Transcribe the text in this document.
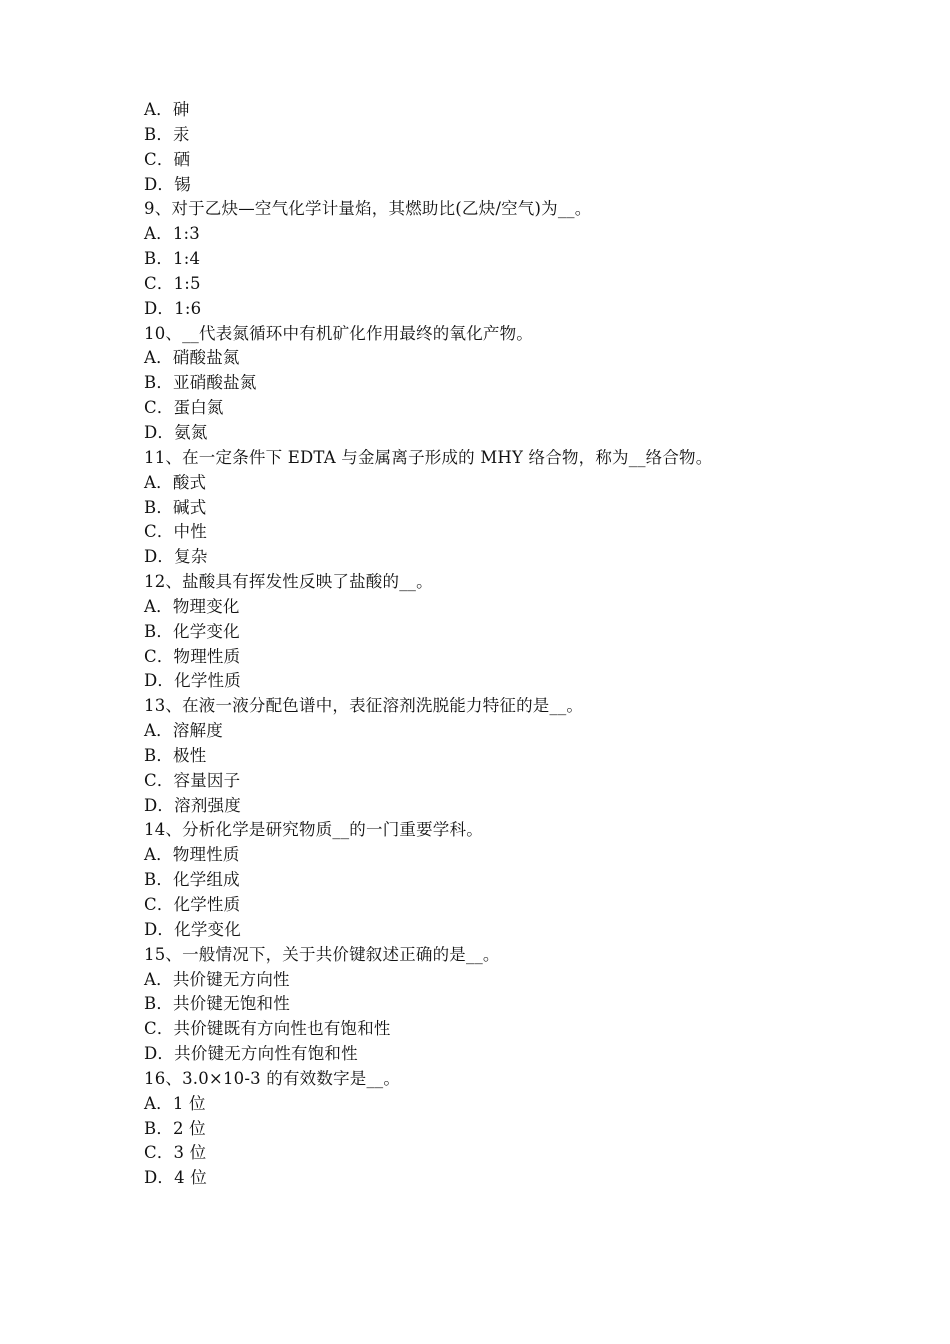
A．砷
B．汞
C．硒
D．锡
9、对于乙炔—空气化学计量焰，其燃助比(乙炔/空气)为__。
A．1:3
B．1:4
C．1:5
D．1:6
10、__代表氮循环中有机矿化作用最终的氧化产物。
A．硝酸盐氮
B．亚硝酸盐氮
C．蛋白氮
D．氨氮
11、在一定条件下 EDTA 与金属离子形成的 MHY 络合物，称为__络合物。
A．酸式
B．碱式
C．中性
D．复杂
12、盐酸具有挥发性反映了盐酸的__。
A．物理变化
B．化学变化
C．物理性质
D．化学性质
13、在液一液分配色谱中，表征溶剂洗脱能力特征的是__。
A．溶解度
B．极性
C．容量因子
D．溶剂强度
14、分析化学是研究物质__的一门重要学科。
A．物理性质
B．化学组成
C．化学性质
D．化学变化
15、一般情况下，关于共价键叙述正确的是__。
A．共价键无方向性
B．共价键无饱和性
C．共价键既有方向性也有饱和性
D．共价键无方向性有饱和性
16、3.0×10-3 的有效数字是__。
A．1 位
B．2 位
C．3 位
D．4 位
